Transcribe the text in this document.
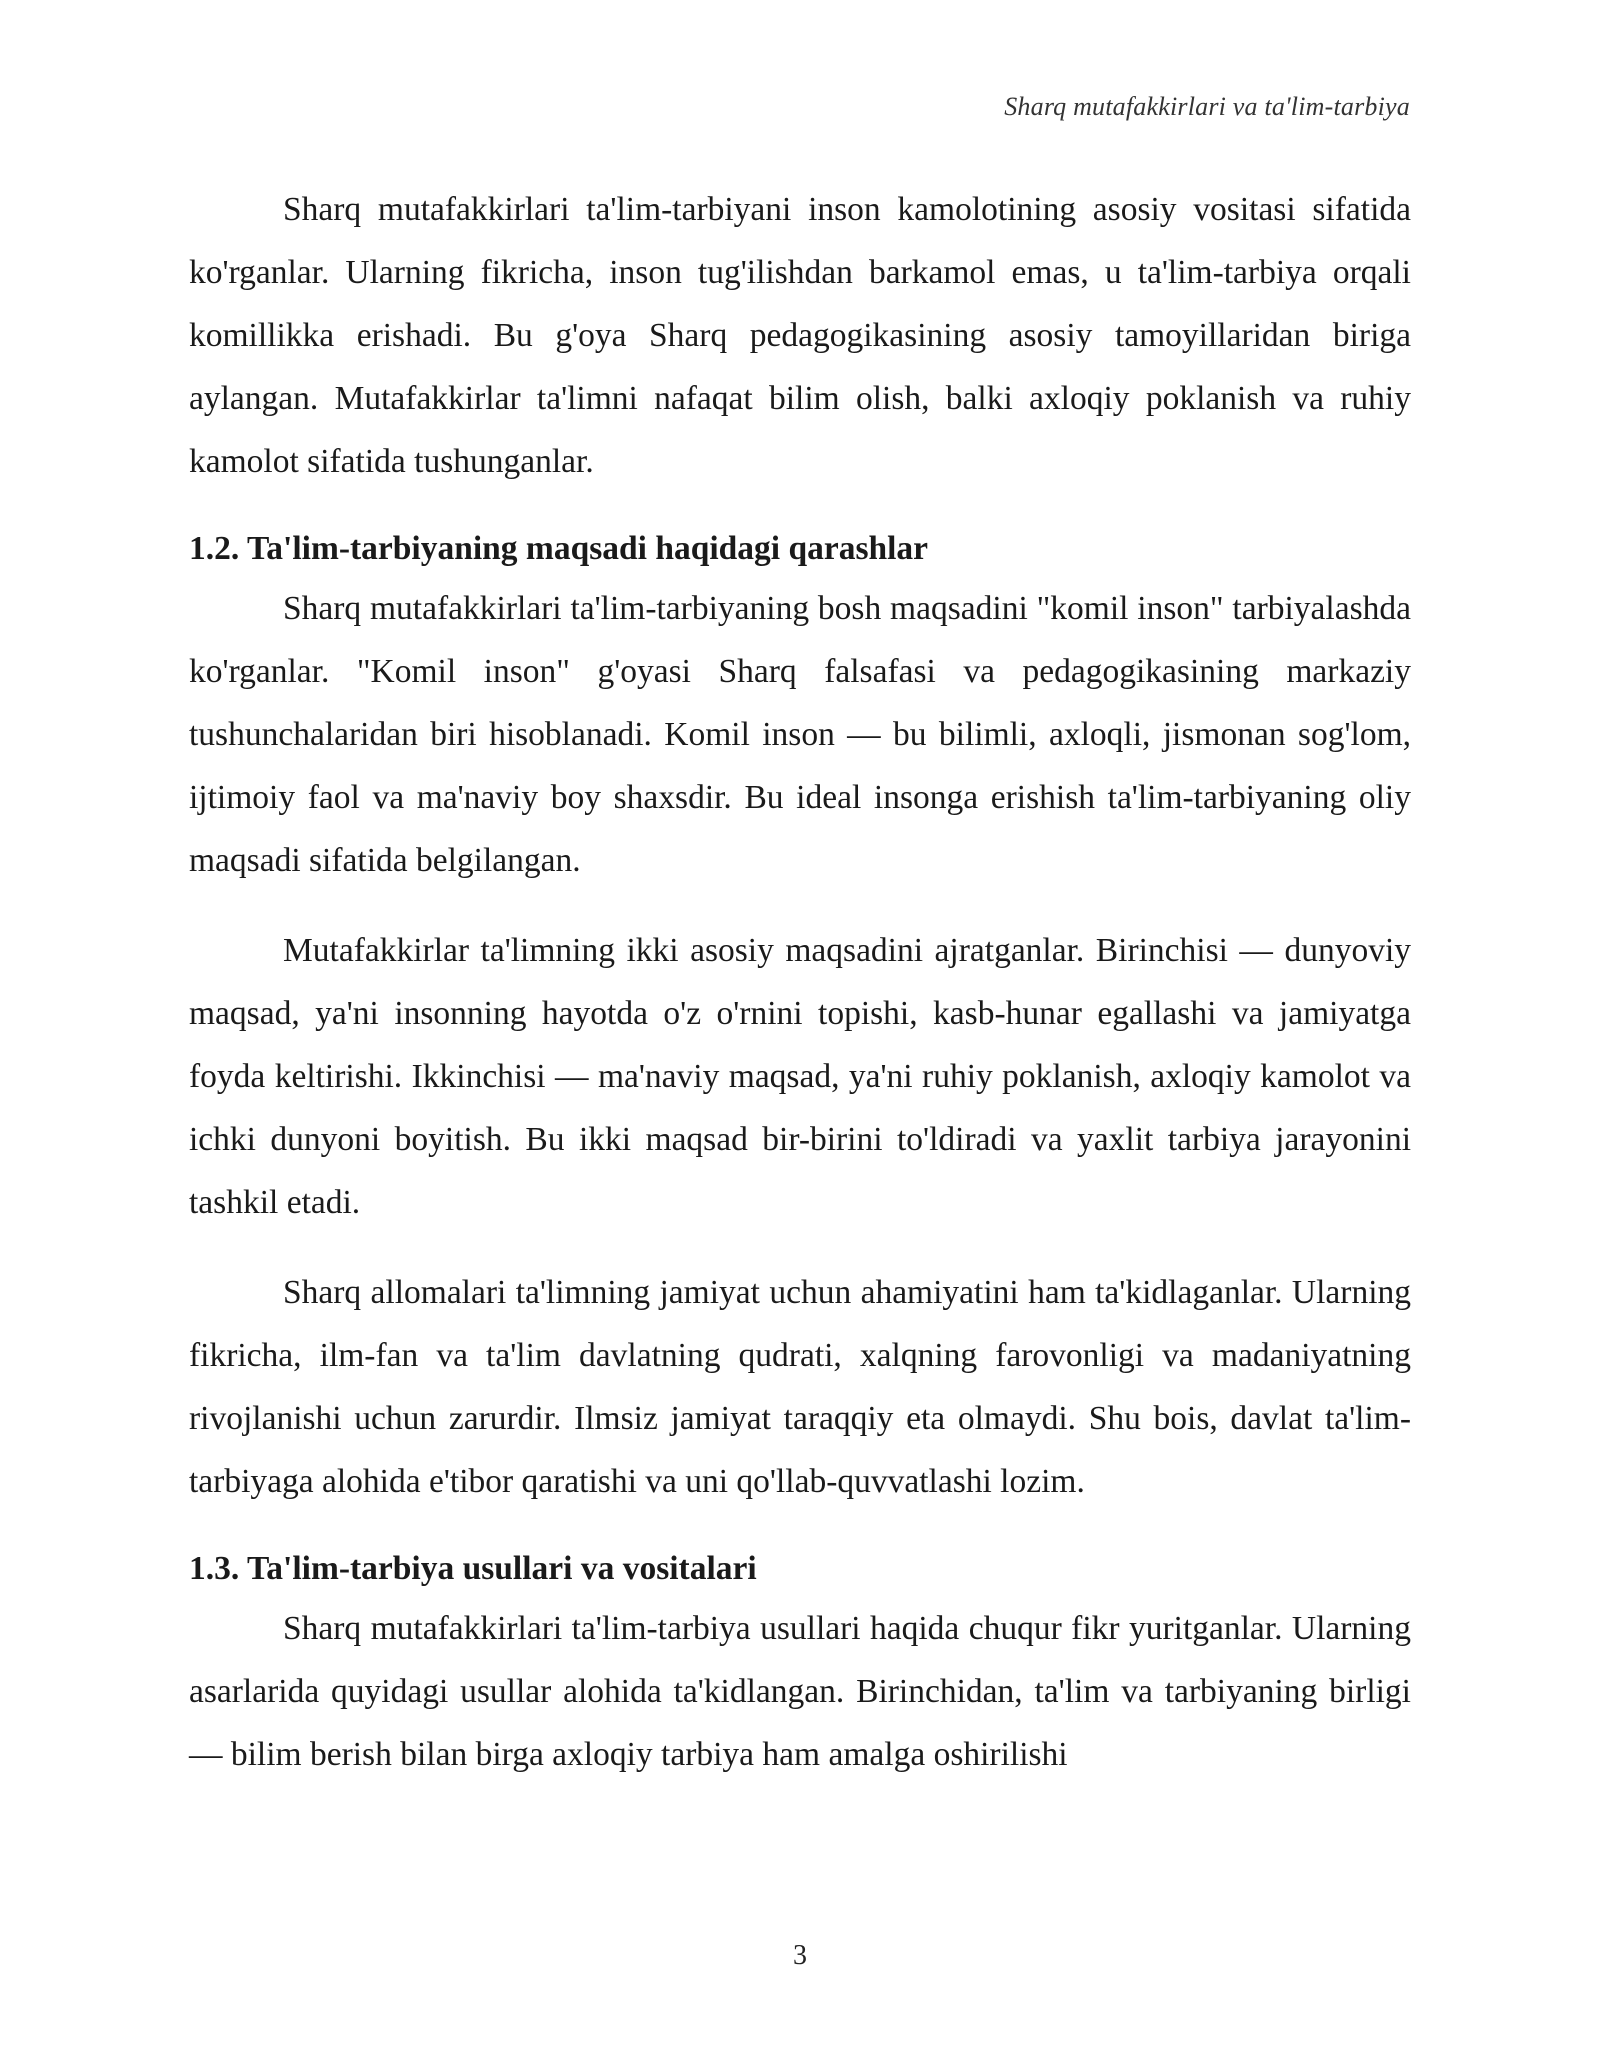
Sharq mutafakkirlari va ta'lim-tarbiya

Sharq mutafakkirlari ta'lim-tarbiyani inson kamolotining asosiy vositasi sifatida ko'rganlar. Ularning fikricha, inson tug'ilishdan barkamol emas, u ta'lim-tarbiya orqali komillikka erishadi. Bu g'oya Sharq pedagogikasining asosiy tamoyillaridan biriga aylangan. Mutafakkirlar ta'limni nafaqat bilim olish, balki axloqiy poklanish va ruhiy kamolot sifatida tushunganlar.

1.2. Ta'lim-tarbiyaning maqsadi haqidagi qarashlar

Sharq mutafakkirlari ta'lim-tarbiyaning bosh maqsadini "komil inson" tarbiyalashda ko'rganlar. "Komil inson" g'oyasi Sharq falsafasi va pedagogikasining markaziy tushunchalaridan biri hisoblanadi. Komil inson — bu bilimli, axloqli, jismonan sog'lom, ijtimoiy faol va ma'naviy boy shaxsdir. Bu ideal insonga erishish ta'lim-tarbiyaning oliy maqsadi sifatida belgilangan.

Mutafakkirlar ta'limning ikki asosiy maqsadini ajratganlar. Birinchisi — dunyoviy maqsad, ya'ni insonning hayotda o'z o'rnini topishi, kasb-hunar egallashi va jamiyatga foyda keltirishi. Ikkinchisi — ma'naviy maqsad, ya'ni ruhiy poklanish, axloqiy kamolot va ichki dunyoni boyitish. Bu ikki maqsad bir-birini to'ldiradi va yaxlit tarbiya jarayonini tashkil etadi.

Sharq allomalari ta'limning jamiyat uchun ahamiyatini ham ta'kidlaganlar. Ularning fikricha, ilm-fan va ta'lim davlatning qudrati, xalqning farovonligi va madaniyatning rivojlanishi uchun zarurdir. Ilmsiz jamiyat taraqqiy eta olmaydi. Shu bois, davlat ta'lim-tarbiyaga alohida e'tibor qaratishi va uni qo'llab-quvvatlashi lozim.

1.3. Ta'lim-tarbiya usullari va vositalari

Sharq mutafakkirlari ta'lim-tarbiya usullari haqida chuqur fikr yuritganlar. Ularning asarlarida quyidagi usullar alohida ta'kidlangan. Birinchidan, ta'lim va tarbiyaning birligi — bilim berish bilan birga axloqiy tarbiya ham amalga oshirilishi

3
